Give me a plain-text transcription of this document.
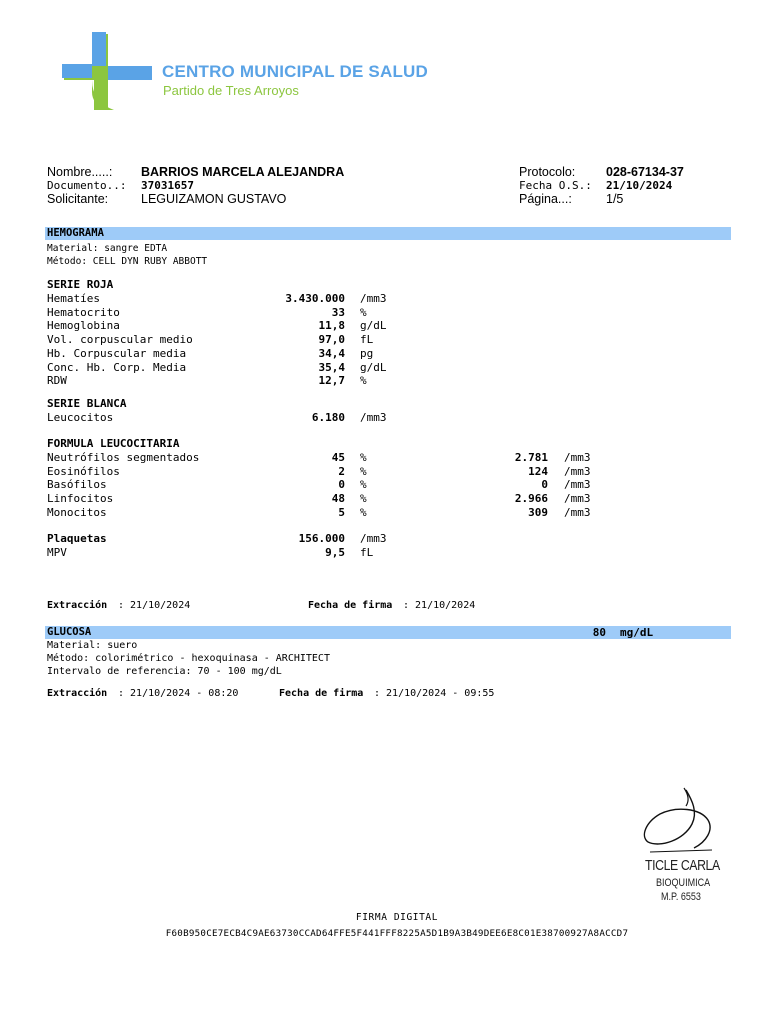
CENTRO MUNICIPAL DE SALUD
Partido de Tres Arroyos
Nombre.....: BARRIOS MARCELA ALEJANDRA
Documento..: 37031657
Solicitante:	LEGUIZAMON GUSTAVO
Protocolo: 028-67134-37
Fecha O.S.: 21/10/2024
Página...:	1/5
HEMOGRAMA
Material: sangre EDTA
Método: CELL DYN RUBY ABBOTT
SERIE ROJA
Hematíes	3.430.000 /mm3
Hematocrito	33 %
Hemoglobina	11,8 g/dL
Vol. corpuscular medio	97,0 fL
Hb. Corpuscular media	34,4 pg
Conc. Hb. Corp. Media	35,4 g/dL
RDW	12,7 %
SERIE BLANCA
Leucocitos	6.180 /mm3
FORMULA LEUCOCITARIA
Neutrófilos segmentados	45 %	2.781 /mm3
Eosinófilos	2 %	124 /mm3
Basófilos	0 %	0 /mm3
Linfocitos	48 %	2.966 /mm3
Monocitos	5 %	309 /mm3
Plaquetas	156.000 /mm3
MPV	9,5 fL
Extracción : 21/10/2024	Fecha de firma : 21/10/2024
GLUCOSA	80 mg/dL
Material: suero
Método: colorimétrico - hexoquinasa - ARCHITECT
Intervalo de referencia: 70 - 100 mg/dL
Extracción : 21/10/2024 - 08:20	Fecha de firma : 21/10/2024 - 09:55
TICLE CARLA
BIOQUIMICA
M.P. 6553
FIRMA DIGITAL
F60B950CE7ECB4C9AE63730CCAD64FFE5F441FFF8225A5D1B9A3B49DEE6E8C01E38700927A8ACCD7
